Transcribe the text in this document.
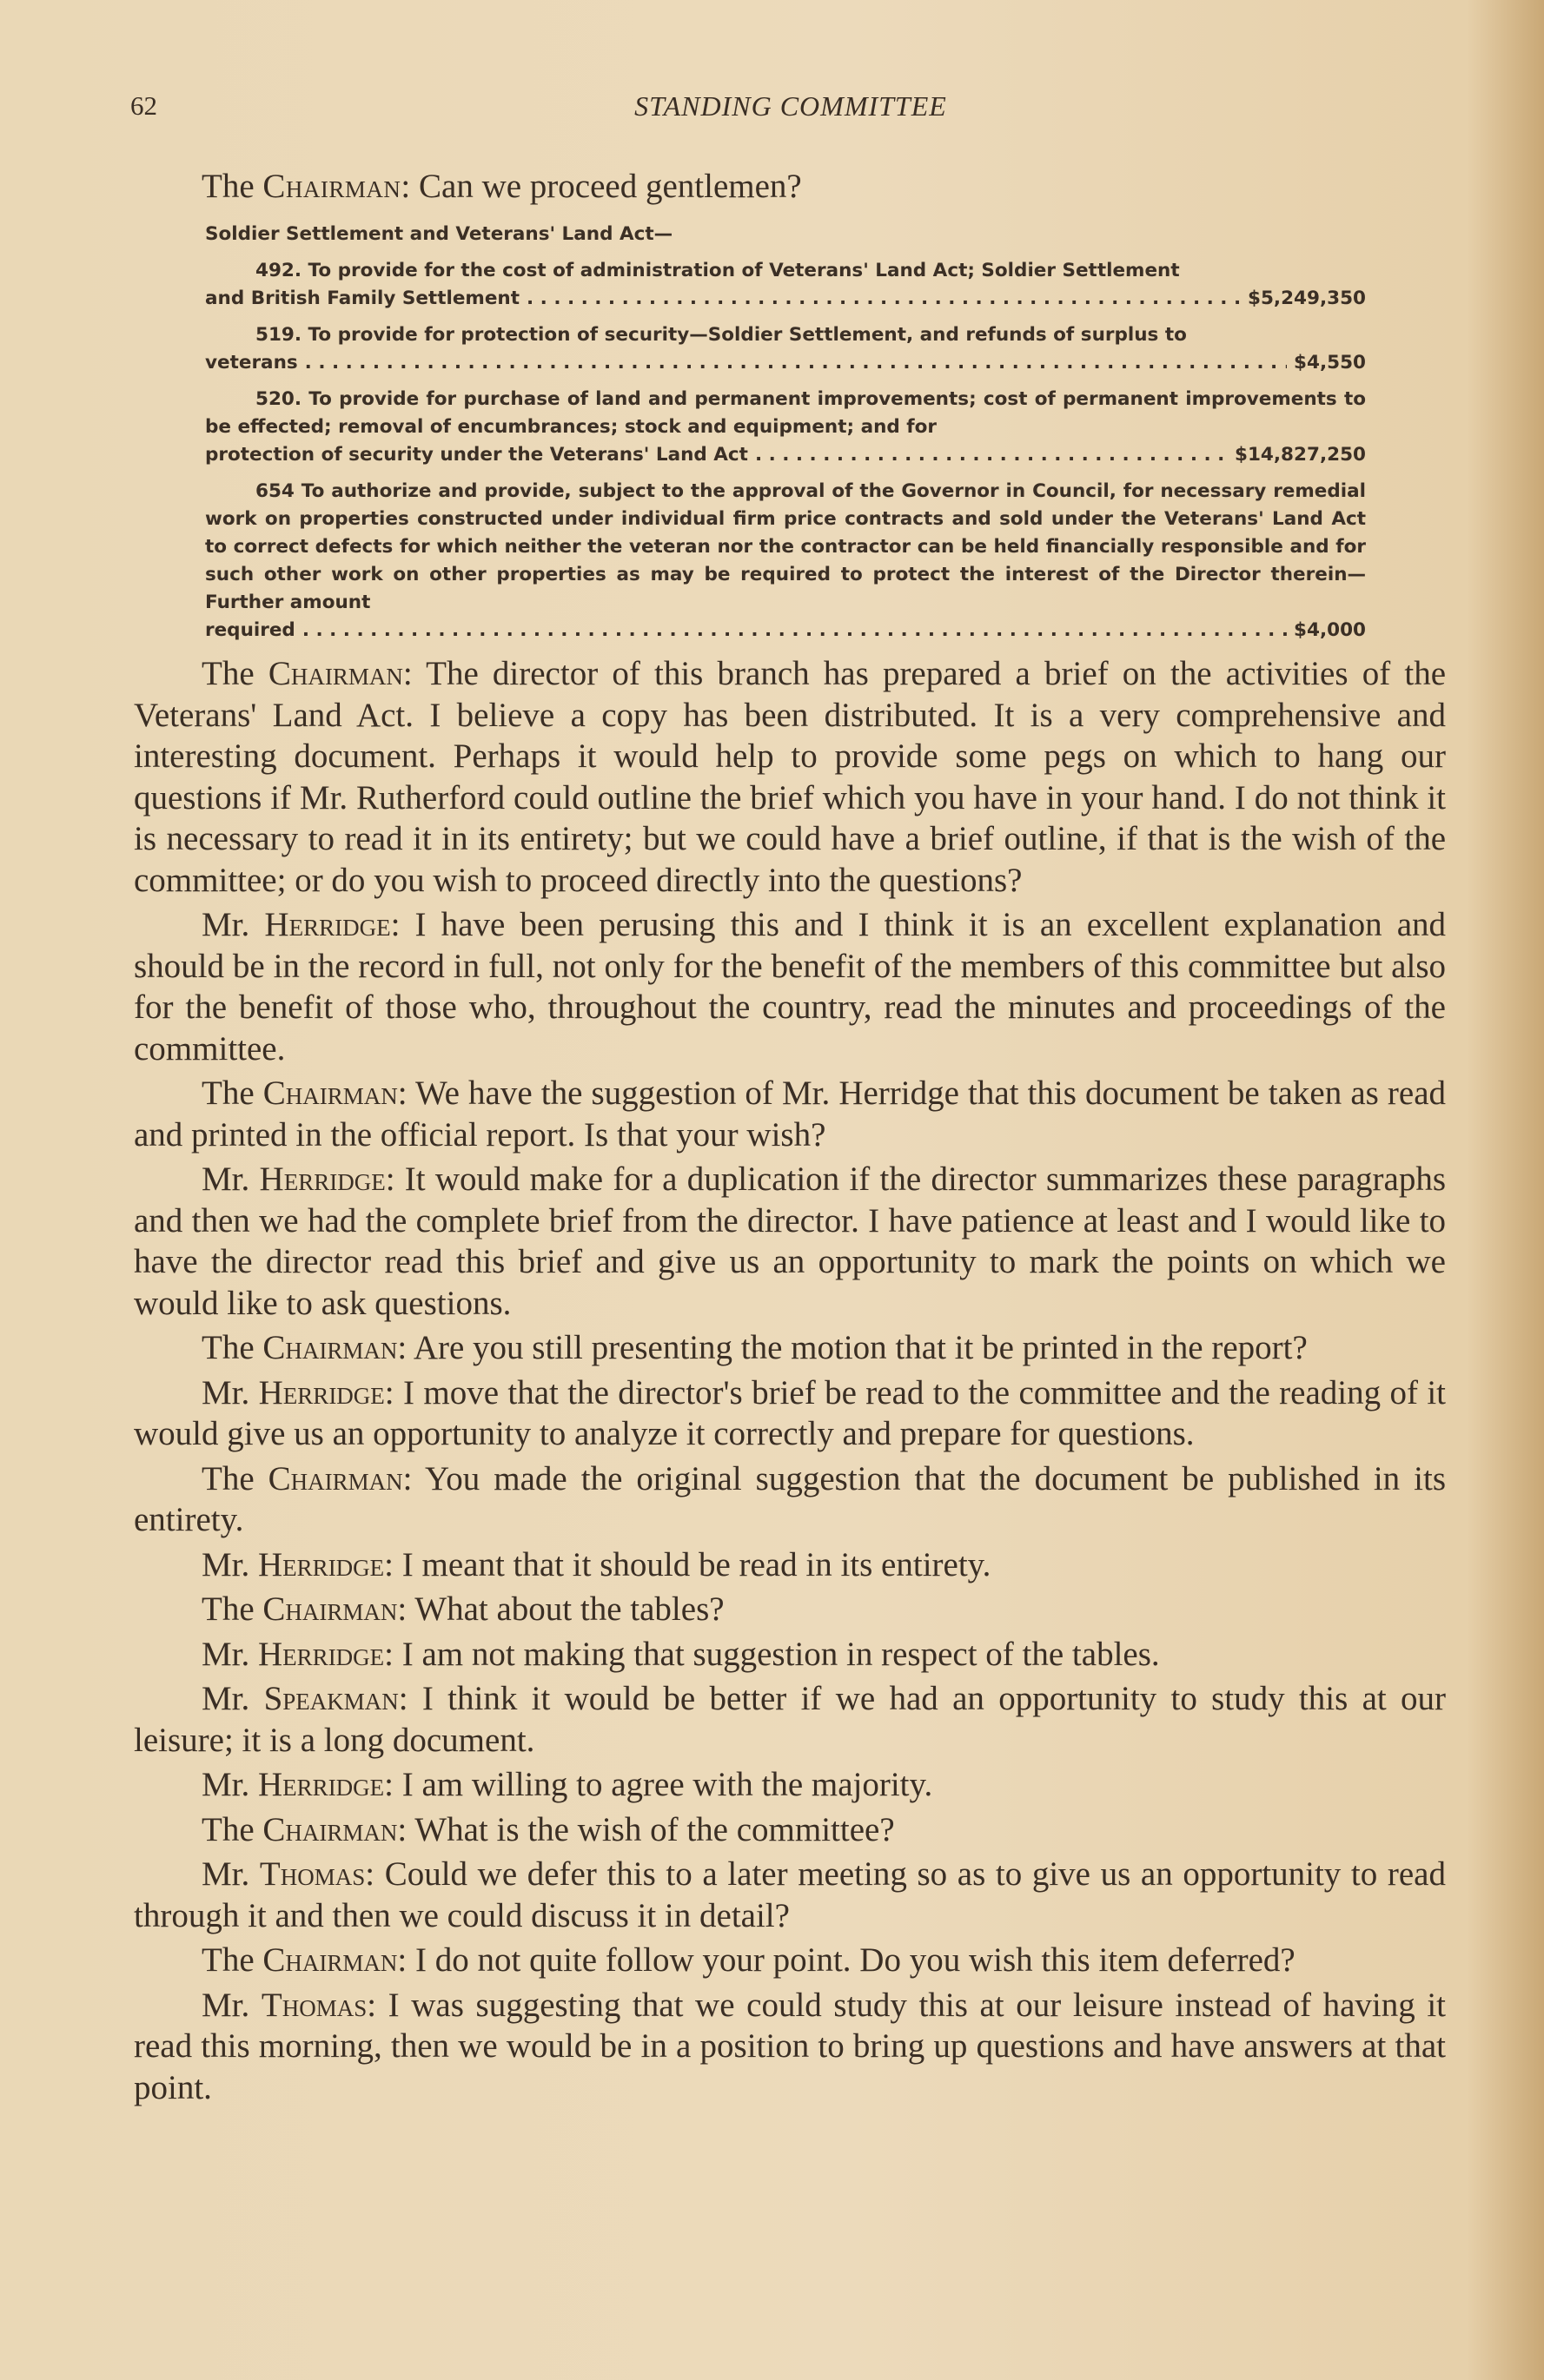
62	STANDING COMMITTEE
The Chairman: Can we proceed gentlemen?
Soldier Settlement and Veterans' Land Act—

492. To provide for the cost of administration of Veterans' Land Act; Soldier Settlement

and British Family Settlement . . .	$5,249,350

519. To provide for protection of security—Soldier Settlement, and refunds of surplus to

veterans . . .	$4,550

520. To provide for purchase of land and permanent improvements; cost of permanent improvements to be effected; removal of encumbrances; stock and equipment; and for

protection of security under the Veterans' Land Act . . .	$14,827,250

654 To authorize and provide, subject to the approval of the Governor in Council, for necessary remedial work on properties constructed under individual firm price contracts and sold under the Veterans' Land Act to correct defects for which neither the veteran nor the contractor can be held financially responsible and for such other work on other properties as may be required to protect the interest of the Director therein—Further amount

required . . .	$4,000

The Chairman: The director of this branch has prepared a brief on the activities of the Veterans' Land Act. I believe a copy has been distributed. It is a very comprehensive and interesting document. Perhaps it would help to provide some pegs on which to hang our questions if Mr. Rutherford could outline the brief which you have in your hand. I do not think it is necessary to read it in its entirety; but we could have a brief outline, if that is the wish of the committee; or do you wish to proceed directly into the questions?

Mr. Herridge: I have been perusing this and I think it is an excellent explanation and should be in the record in full, not only for the benefit of the members of this committee but also for the benefit of those who, throughout the country, read the minutes and proceedings of the committee.

The Chairman: We have the suggestion of Mr. Herridge that this document be taken as read and printed in the official report. Is that your wish?

Mr. Herridge: It would make for a duplication if the director summarizes these paragraphs and then we had the complete brief from the director. I have patience at least and I would like to have the director read this brief and give us an opportunity to mark the points on which we would like to ask questions.

The Chairman: Are you still presenting the motion that it be printed in the report?

Mr. Herridge: I move that the director's brief be read to the committee and the reading of it would give us an opportunity to analyze it correctly and prepare for questions.

The Chairman: You made the original suggestion that the document be published in its entirety.

Mr. Herridge: I meant that it should be read in its entirety.

The Chairman: What about the tables?

Mr. Herridge: I am not making that suggestion in respect of the tables.

Mr. Speakman: I think it would be better if we had an opportunity to study this at our leisure; it is a long document.

Mr. Herridge: I am willing to agree with the majority.

The Chairman: What is the wish of the committee?

Mr. Thomas: Could we defer this to a later meeting so as to give us an opportunity to read through it and then we could discuss it in detail?

The Chairman: I do not quite follow your point. Do you wish this item deferred?

Mr. Thomas: I was suggesting that we could study this at our leisure instead of having it read this morning, then we would be in a position to bring up questions and have answers at that point.
